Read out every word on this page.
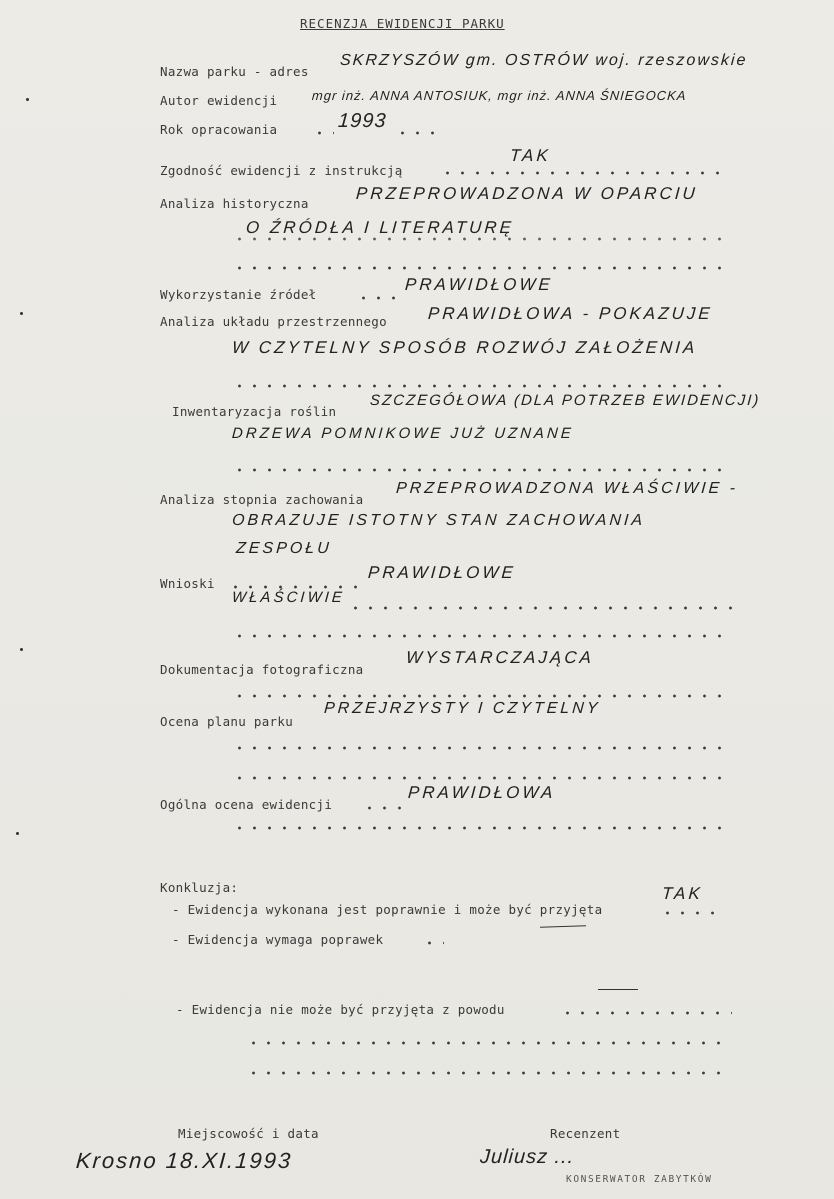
RECENZJA EWIDENCJI PARKU
Nazwa parku - adres
SKRZYSZÓW gm. OSTRÓW woj. rzeszowskie
Autor ewidencji	mgr inż. ANNA ANTOSIUK, mgr inż. ANNA ŚNIEGOCKA
Rok opracowania	1993
Zgodność ewidencji z instrukcją
TAK
Analiza historyczna
PRZEPROWADZONA W OPARCIU
O ŹRÓDŁA I LITERATURĘ
Wykorzystanie źródeł
PRAWIDŁOWE
Analiza układu przestrzennego PRAWIDŁOWA - POKAZUJE
W CZYTELNY SPOSÓB ROZWÓJ ZAŁOŻENIA
Inwentaryzacja roślin
SZCZEGÓŁOWA (DLA POTRZEB EWIDENCJI)
DRZEWA POMNIKOWE JUŻ UZNANE
Analiza stopnia zachowania
PRZEPROWADZONA WŁAŚCIWIE -
OBRAZUJE ISTOTNY STAN ZACHOWANIA
ZESPOŁU
Wnioski
PRAWIDŁOWE
WŁAŚCIWIE
Dokumentacja fotograficzna
WYSTARCZAJĄCA
Ocena planu parku
PRZEJRZYSTY I CZYTELNY
Ogólna ocena ewidencji
PRAWIDŁOWA
Konkluzja:
- Ewidencja wykonana jest poprawnie i może być przyjęta
TAK
- Ewidencja wymaga poprawek
- Ewidencja nie może być przyjęta z powodu
Miejscowość i data
Krosno 18.XI.1993
Recenzent
Juliusz ...
KONSERWATOR ZABYTKÓW
